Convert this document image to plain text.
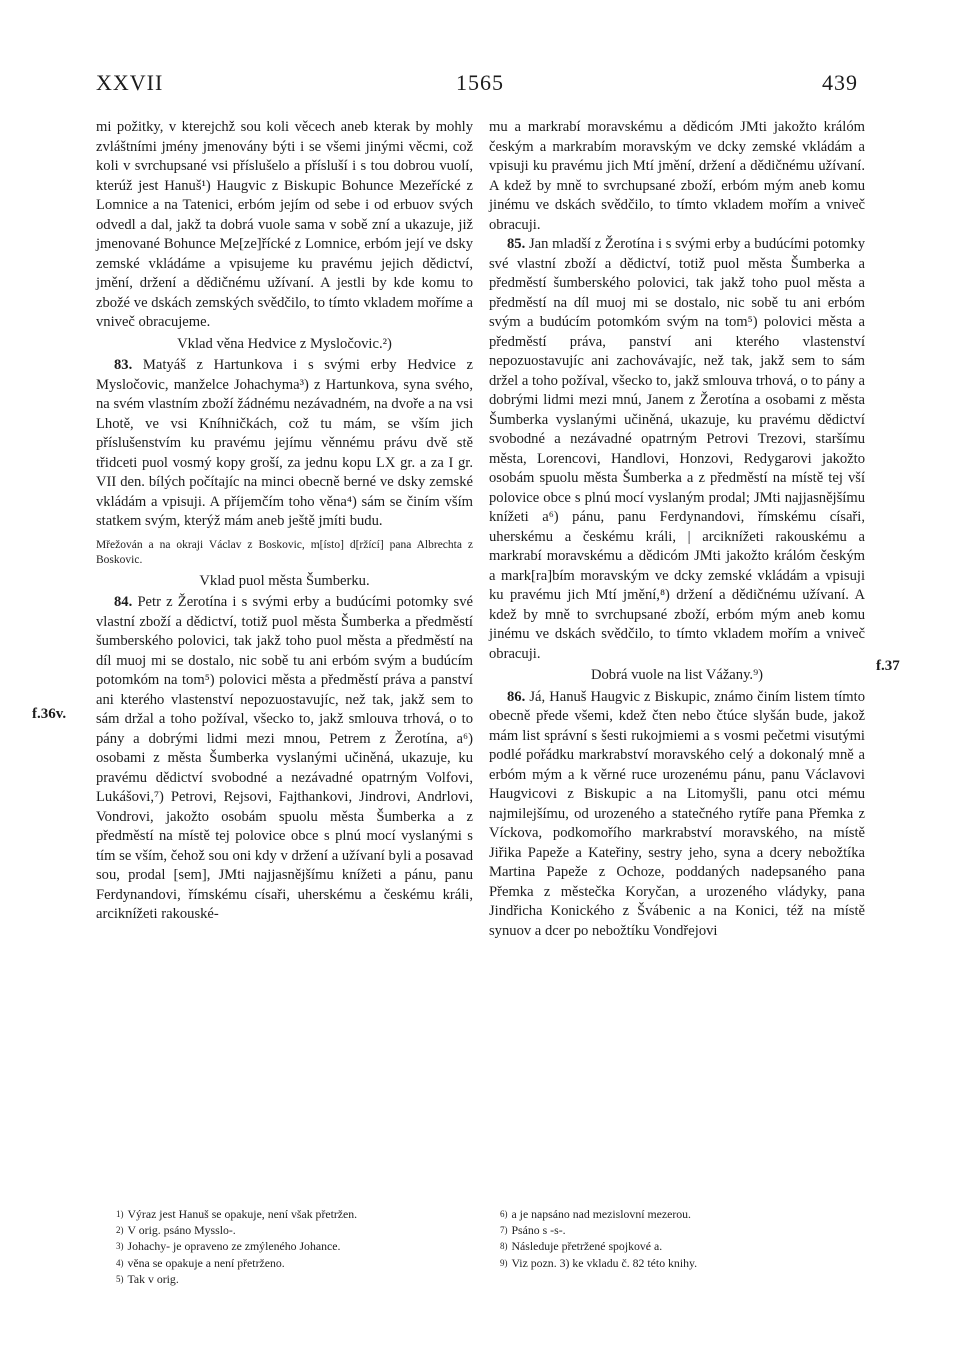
XXVII	1565	439
f.36v.
f.37

mi požitky, v kterejchž sou koli věcech aneb kterak by mohly zvláštními jmény jmenovány býti i se všemi jinými věcmi, což koli v svrchupsané vsi příslušelo a přísluší i s tou dobrou vuolí, kterúž jest Hanuš¹) Haugvic z Biskupic Bohunce Mezeřícké z Lomnice a na Tatenici, erbóm jejím od sebe i od erbuov svých odvedl a dal, jakž ta dobrá vuole sama v sobě zní a ukazuje, již jmenované Bohunce Me[ze]řícké z Lomnice, erbóm její ve dsky zemské vkládáme a vpisujeme ku pravému jejich dědictví, jmění, držení a dědičnému užívaní. A jestli by kde komu to zbožé ve dskách zemských svědčilo, to tímto vkladem moříme a vniveč obracujeme.

Vklad věna Hedvice z Mysločovic.²)

83. Matyáš z Hartunkova i s svými erby Hedvice z Mysločovic, manželce Johachyma³) z Hartunkova, syna svého, na svém vlastním zboží žádnému nezávadném, na dvoře a na vsi Lhotě, ve vsi Kníhničkách, což tu mám, se vším jich příslušenstvím ku pravému jejímu věnnému právu dvě stě třidceti puol vosmý kopy groší, za jednu kopu LX gr. a za I gr. VII den. bílých počítajíc na minci obecně berné ve dsky zemské vkládám a vpisuji. A příjemčím toho věna⁴) sám se činím vším statkem svým, kterýž mám aneb ještě jmíti budu.

Mřežován a na okraji Václav z Boskovic, m[ísto] d[ržící] pana Albrechta z Boskovic.

Vklad puol města Šumberku.

84. Petr z Žerotína i s svými erby a budúcími potomky své vlastní zboží a dědictví, totiž puol města Šumberka a předměstí šumberského polovici, tak jakž toho puol města a předměstí na díl muoj mi se dostalo, nic sobě tu ani erbóm svým a budúcím potomkóm na tom⁵) polovici města a předměstí práva a panství ani kterého vlastenství nepozuostavujíc, než tak, jakž sem to sám držal a toho požíval, všecko to, jakž smlouva trhová, o to pány a dobrými lidmi mezi mnou, Petrem z Žerotína, a⁶) osobami z města Šumberka vyslanými učiněná, ukazuje, ku pravému dědictví svobodné a nezávadné opatrným Volfovi, Lukášovi,⁷) Petrovi, Rejsovi, Fajthankovi, Jindrovi, Andrlovi, Vondrovi, jakožto osobám spuolu města Šumberka a z předměstí na místě tej polovice obce s plnú mocí vyslanými s tím se vším, čehož sou oni kdy v držení a užívaní byli a posavad sou, prodal [sem], JMti najjasnějšímu knížeti a pánu, panu Ferdynandovi, římskému císaři, uherskému a českému králi, arciknížeti rakouské-

mu a markrabí moravskému a dědicóm JMti jakožto králóm českým a markrabím moravským ve dcky zemské vkládám a vpisuji ku pravému jich Mtí jmění, držení a dědičnému užívaní. A kdež by mně to svrchupsané zboží, erbóm mým aneb komu jinému ve dskách svědčilo, to tímto vkladem mořím a vniveč obracuji.

85. Jan mladší z Žerotína i s svými erby a budúcími potomky své vlastní zboží a dědictví, totiž puol města Šumberka a předměstí šumberského polovici, tak jakž toho puol města a předměstí na díl muoj mi se dostalo, nic sobě tu ani erbóm svým a budúcím potomkóm svým na tom⁵) polovici města a předměstí práva, panství ani kterého vlastenství nepozuostavujíc ani zachovávajíc, než tak, jakž sem to sám držel a toho požíval, všecko to, jakž smlouva trhová, o to pány a dobrými lidmi mezi mnú, Janem z Žerotína a osobami z města Šumberka vyslanými učiněná, ukazuje, ku pravému dědictví svobodné a nezávadné opatrným Petrovi Trezovi, staršímu města, Lorencovi, Handlovi, Honzovi, Redygarovi jakožto osobám spuolu města Šumberka a z předměstí na místě tej vší polovice obce s plnú mocí vyslaným prodal; JMti najjasnějšímu knížeti a⁶) pánu, panu Ferdynandovi, římskému císaři, uherskému a českému králi, | arciknížeti rakouskému a markrabí moravskému a dědicóm JMti jakožto králóm českým a mark[ra]bím moravským ve dcky zemské vkládám a vpisuji ku pravému jich Mtí jmění,⁸) držení a dědičnému užívaní. A kdež by mně to svrchupsané zboží, erbóm mým aneb komu jinému ve dskách svědčilo, to tímto vkladem mořím a vniveč obracuji.

Dobrá vuole na list Vážany.⁹)

86. Já, Hanuš Haugvic z Biskupic, známo činím listem tímto obecně přede všemi, kdež čten nebo čtúce slyšán bude, jakož mám list správní s šesti rukojmiemi a s vosmi pečetmi visutými podlé pořádku markrabství moravského celý a dokonalý mně a erbóm mým a k věrné ruce urozenému pánu, panu Václavovi Haugvicovi z Biskupic a na Litomyšli, panu otci mému najmilejšímu, od urozeného a statečného rytíře pana Přemka z Víckova, podkomořího markrabství moravského, na místě Jiřika Papeže a Kateřiny, sestry jeho, syna a dcery nebožtíka Martina Papeže z Ochoze, poddaných nadepsaného pana Přemka z městečka Koryčan, a urozeného vládyky, pana Jindřicha Konického z Švábenic a na Konici, též na místě synuov a dcer po nebožtíku Vondřejovi

$^{1)}$ Výraz jest Hanuš se opakuje, není však přetržen.
$^{2)}$ V orig. psáno Mysslo-.
$^{3)}$ Johachy- je opraveno ze zmýleného Johance.
$^{4)}$ věna se opakuje a není přetrženo.
$^{5)}$ Tak v orig.
$^{6)}$ a je napsáno nad mezislovní mezerou.
$^{7)}$ Psáno s -s-.
$^{8)}$ Následuje přetržené spojkové a.
$^{9)}$ Viz pozn. 3) ke vkladu č. 82 této knihy.
